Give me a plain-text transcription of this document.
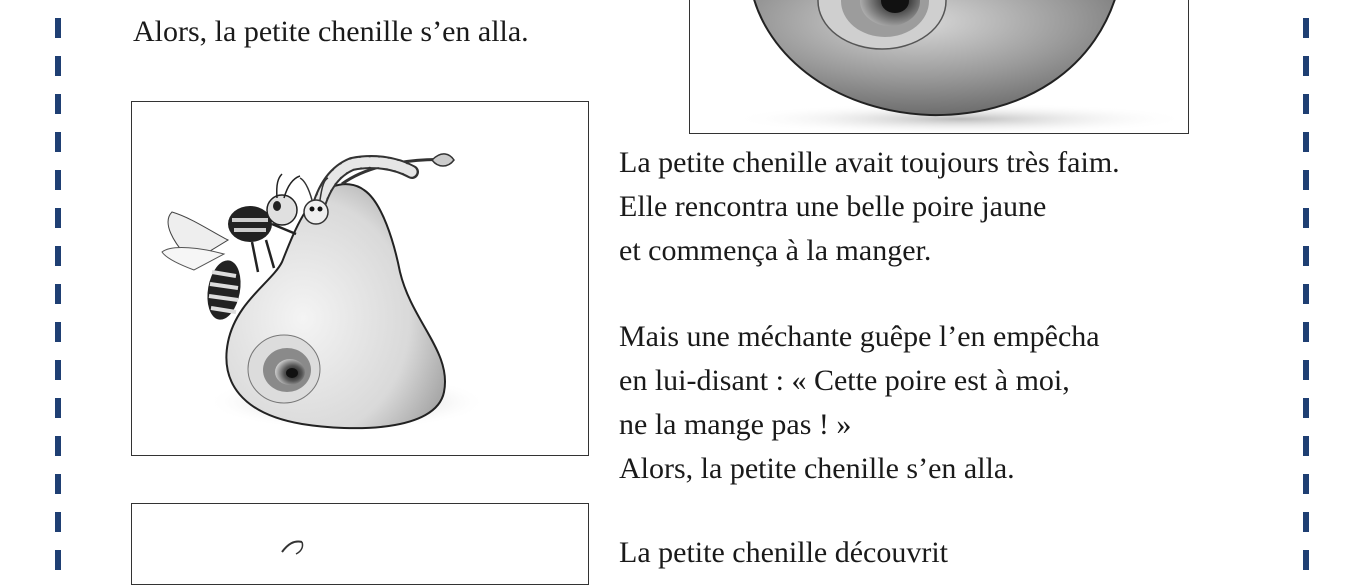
Alors, la petite chenille s’en alla.
La petite chenille avait toujours très faim.
Elle rencontra une belle poire jaune
et commença à la manger.
Mais une méchante guêpe l’en empêcha
en lui-disant : « Cette poire est à moi,
ne la mange pas ! »
Alors, la petite chenille s’en alla.
La petite chenille découvrit
